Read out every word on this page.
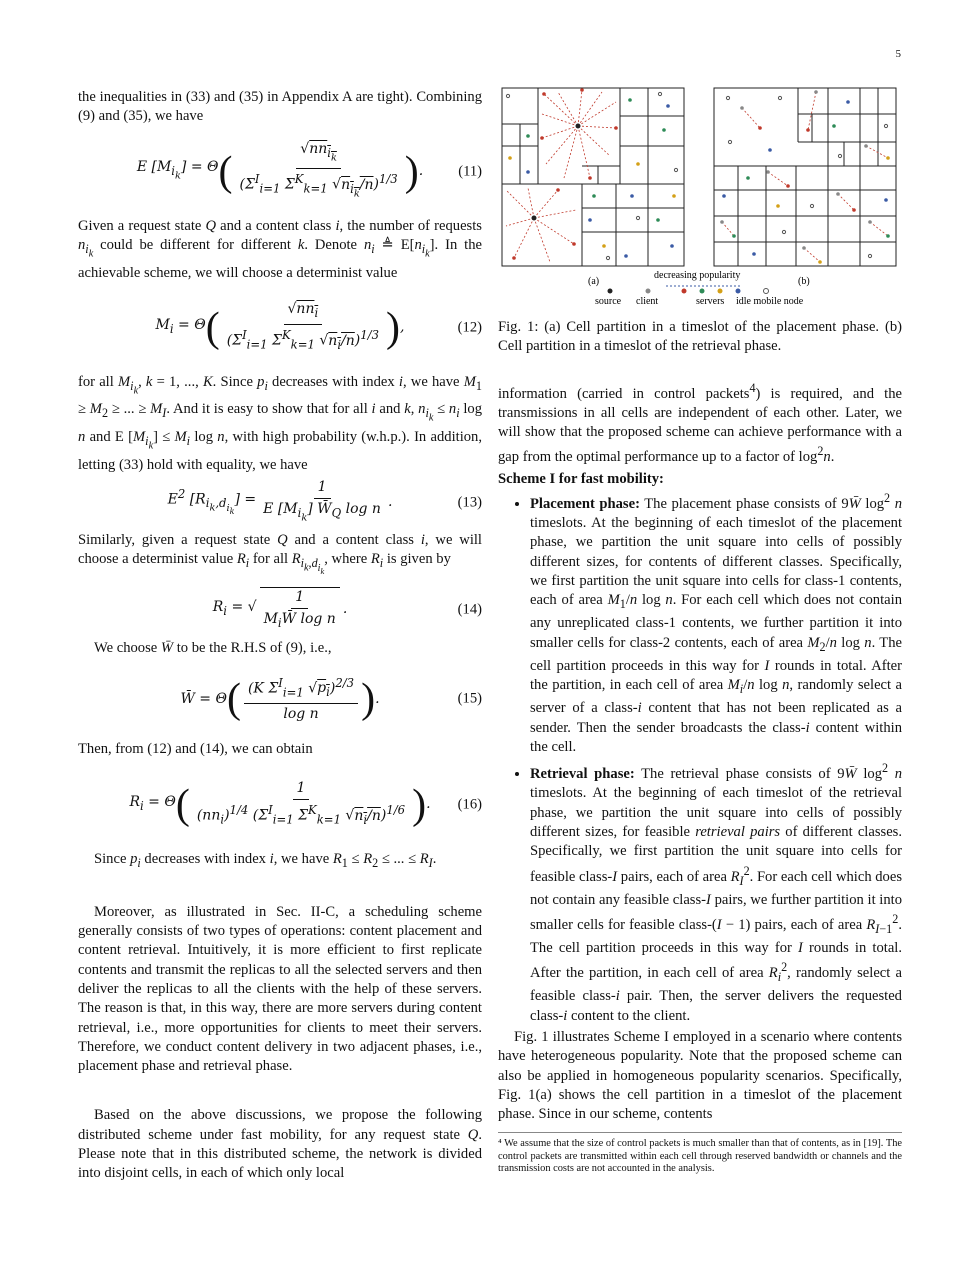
5

the inequalities in (33) and (35) in Appendix A are tight). Combining (9) and (35), we have

E $[M_{i_k}] = \Theta$ ( $\frac{√nn_{i_k}}{(\Sigma^I_{i=1} \Sigma^K_{k=1} √n_{i_k}/n)^{1/3}}$ ) . (11)

Given a request state Q and a content class i, the number of requests $n_{i_k}$ could be different for different k. Denote $n_i$ ≜ $E[n_{i_k}]$. In the achievable scheme, we will choose a determinist value

$M_i = \Theta$ ( $\frac{√nn_i}{(\Sigma^I_{i=1} \Sigma^K_{k=1} √n_i/n)^{1/3}}$ ) ,	(12)

for all $M_{i_k}$, k = 1, ..., K. Since $p_i$ decreases with index i, we have $M_1 \ge M_2$ ≥ ... ≥ $M_I$. And it is easy to show that for all i and k, $n_{i_k} \le n_i$ log n and E $[M_{i_k}] \le M_i$ log n, with high probability (w.h.p.). In addition, letting (33) hold with equality, we have

$E^2$ $[R_{i_k,d_{i_k}}] = \frac{1}{E [M_{i_k}] W̄_Q \log n}$ .	(13)

Similarly, given a request state Q and a content class i, we will choose a determinist value $R_i$ for all $R_{i_k,d_{i_k}}$, where $R_i$ is given by

$R_i$ = √ $\frac{1}{M_iW̄ \log n}$ .	(14)

We choose W̄ to be the R.H.S of (9), i.e.,

W̄ = Θ ( $\frac{(K \Sigma^I_{i=1} √p_i)^{2/3}}{\text{log n}}$ ) .	(15)

Then, from (12) and (14), we can obtain

$R_i = \Theta$ ( $\frac{1}{(nn_i)^{1/4} (\Sigma^I_{i=1} \Sigma^K_{k=1} √n_i/n)^{1/6}}$ ) . (16)

Since $p_i$ decreases with index i, we have $R_1 \le R_2$ ≤ ... ≤ $R_I$.

Moreover, as illustrated in Sec. II-C, a scheduling scheme generally consists of two types of operations: content placement and content retrieval. Intuitively, it is more efficient to first replicate contents and transmit the replicas to all the selected servers and then deliver the replicas to all the clients with the help of these servers. The reason is that, in this way, there are more servers during content retrieval, i.e., more opportunities for clients to meet their servers. Therefore, we conduct content delivery in two adjacent phases, i.e., placement phase and retrieval phase.

Based on the above discussions, we propose the following distributed scheme under fast mobility, for any request state Q. Please note that in this distributed scheme, the network is divided into disjoint cells, in each of which only local

(a)	(b)
decreasing popularity
source client	servers idle mobile node

Fig. 1: (a) Cell partition in a timeslot of the placement phase. (b) Cell partition in a timeslot of the retrieval phase.

information (carried in control packets$^4$) is required, and the transmissions in all cells are independent of each other. Later, we will show that the proposed scheme can achieve performance with a gap from the optimal performance up to a factor of $\log^2n$.

Scheme I for fast mobility:

• Placement phase: The placement phase consists of 9W̄ $\log^2 n$ timeslots. At the beginning of each timeslot of the placement phase, we partition the unit square into cells of possibly different sizes, for contents of different classes. Specifically, we first partition the unit square into cells for class-1 contents, each of area $M_1/n$ log n. For each cell which does not contain any unreplicated class-1 contents, we further partition it into smaller cells for class-2 contents, each of area $M_2/n$ log n. The cell partition proceeds in this way for I rounds in total. After the partition, in each cell of area $M_i/n$ log n, randomly select a server of a class-i content that has not been replicated as a sender. Then the sender broadcasts the class-i content within the cell.
• Retrieval phase: The retrieval phase consists of 9W̄ $\log^2 n$ timeslots. At the beginning of each timeslot of the retrieval phase, we partition the unit square into cells of possibly different sizes, for feasible retrieval pairs of different classes. Specifically, we first partition the unit square into cells for feasible class-I pairs, each of area $R_I^2$. For each cell which does not contain any feasible class-I pairs, we further partition it into smaller cells for feasible class-(I − 1) pairs, each of area $R_{I-1}^2$. The cell partition proceeds in this way for I rounds in total. After the partition, in each cell of area $R_i^2$, randomly select a feasible class-i pair. Then, the server delivers the requested class-i content to the client.

Fig. 1 illustrates Scheme I employed in a scenario where contents have heterogeneous popularity. Note that the proposed scheme can also be applied in homogeneous popularity scenarios. Specifically, Fig. 1(a) shows the cell partition in a timeslot of the placement phase. Since in our scheme, contents

⁴ We assume that the size of control packets is much smaller than that of contents, as in [19]. The control packets are transmitted within each cell through reserved bandwidth or channels and the transmission costs are not accounted in the analysis.
